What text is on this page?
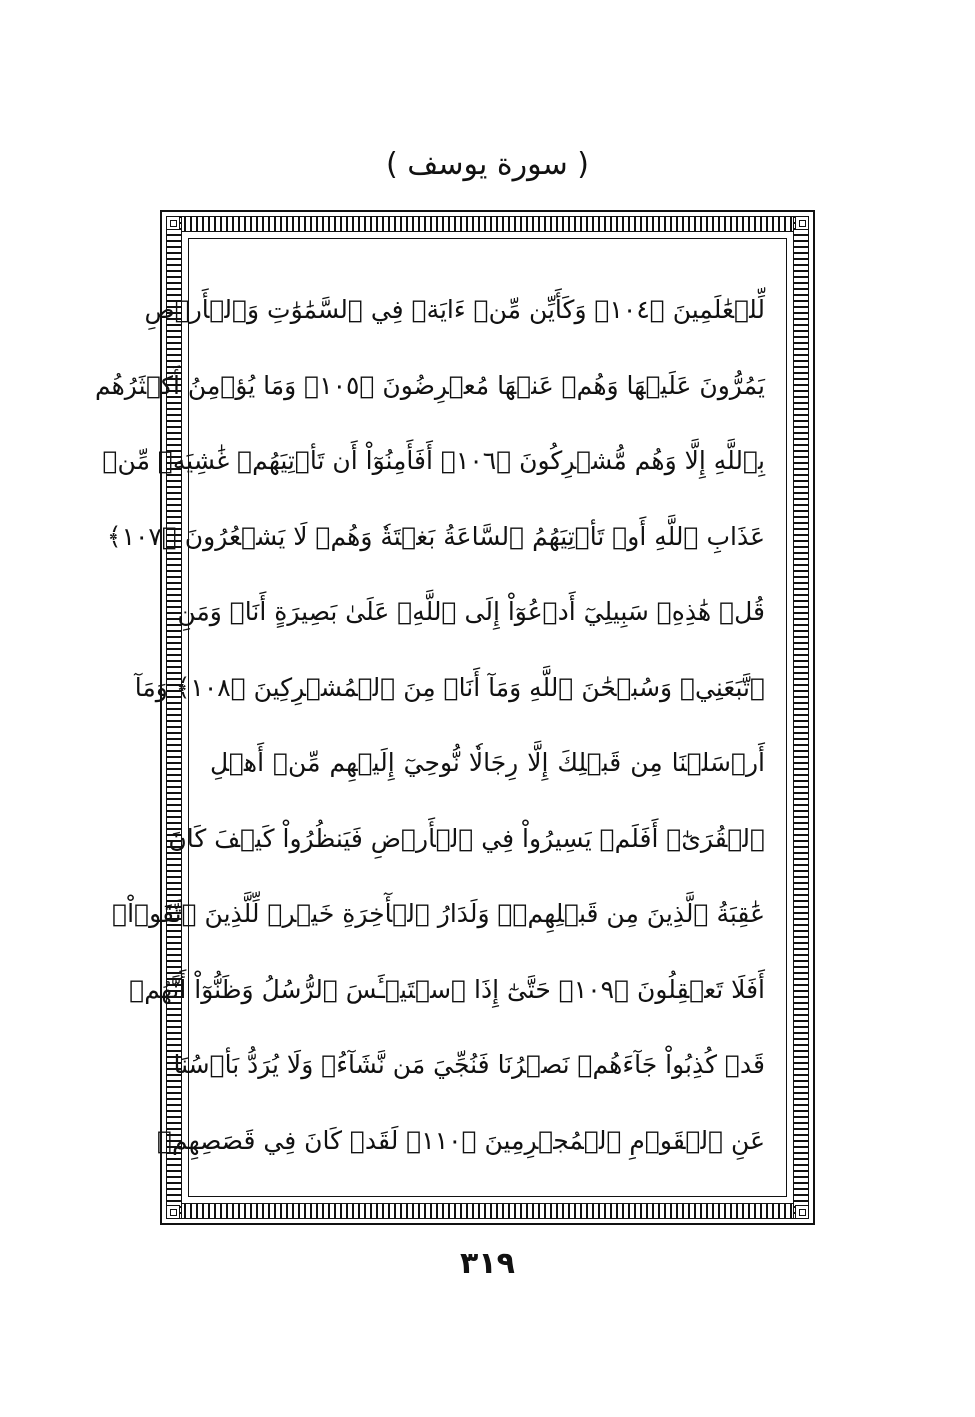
( سورة يوسف )
لِّلۡعَٰلَمِينَ ﴿١٠٤﴾ وَكَأَيِّن مِّنۡ ءَايَةٖ فِي ٱلسَّمَٰوَٰتِ وَٱلۡأَرۡضِ
يَمُرُّونَ عَلَيۡهَا وَهُمۡ عَنۡهَا مُعۡرِضُونَ ﴿١٠٥﴾ وَمَا يُؤۡمِنُ أَكۡثَرُهُم
بِٱللَّهِ إِلَّا وَهُم مُّشۡرِكُونَ ﴿١٠٦﴾ أَفَأَمِنُوٓاْ أَن تَأۡتِيَهُمۡ غَٰشِيَةٞ مِّنۡ
عَذَابِ ٱللَّهِ أَوۡ تَأۡتِيَهُمُ ٱلسَّاعَةُ بَغۡتَةٗ وَهُمۡ لَا يَشۡعُرُونَ ﴿١٠٧﴾
قُلۡ هَٰذِهِۦ سَبِيلِيٓ أَدۡعُوٓاْ إِلَى ٱللَّهِۚ عَلَىٰ بَصِيرَةٍ أَنَا۠ وَمَنِ
ٱتَّبَعَنِيۖ وَسُبۡحَٰنَ ٱللَّهِ وَمَآ أَنَا۠ مِنَ ٱلۡمُشۡرِكِينَ ﴿١٠٨﴾ وَمَآ
أَرۡسَلۡنَا مِن قَبۡلِكَ إِلَّا رِجَالٗا نُّوحِيٓ إِلَيۡهِم مِّنۡ أَهۡلِ
ٱلۡقُرَىٰٓۗ أَفَلَمۡ يَسِيرُواْ فِي ٱلۡأَرۡضِ فَيَنظُرُواْ كَيۡفَ كَانَ
عَٰقِبَةُ ٱلَّذِينَ مِن قَبۡلِهِمۡۗ وَلَدَارُ ٱلۡأٓخِرَةِ خَيۡرٞ لِّلَّذِينَ ٱتَّقَوۡاْۚ
أَفَلَا تَعۡقِلُونَ ﴿١٠٩﴾ حَتَّىٰٓ إِذَا ٱسۡتَيۡـَٔسَ ٱلرُّسُلُ وَظَنُّوٓاْ أَنَّهُمۡ
قَدۡ كُذِبُواْ جَآءَهُمۡ نَصۡرُنَا فَنُجِّيَ مَن نَّشَآءُۖ وَلَا يُرَدُّ بَأۡسُنَا
عَنِ ٱلۡقَوۡمِ ٱلۡمُجۡرِمِينَ ﴿١١٠﴾ لَقَدۡ كَانَ فِي قَصَصِهِمۡ
٣١٩
